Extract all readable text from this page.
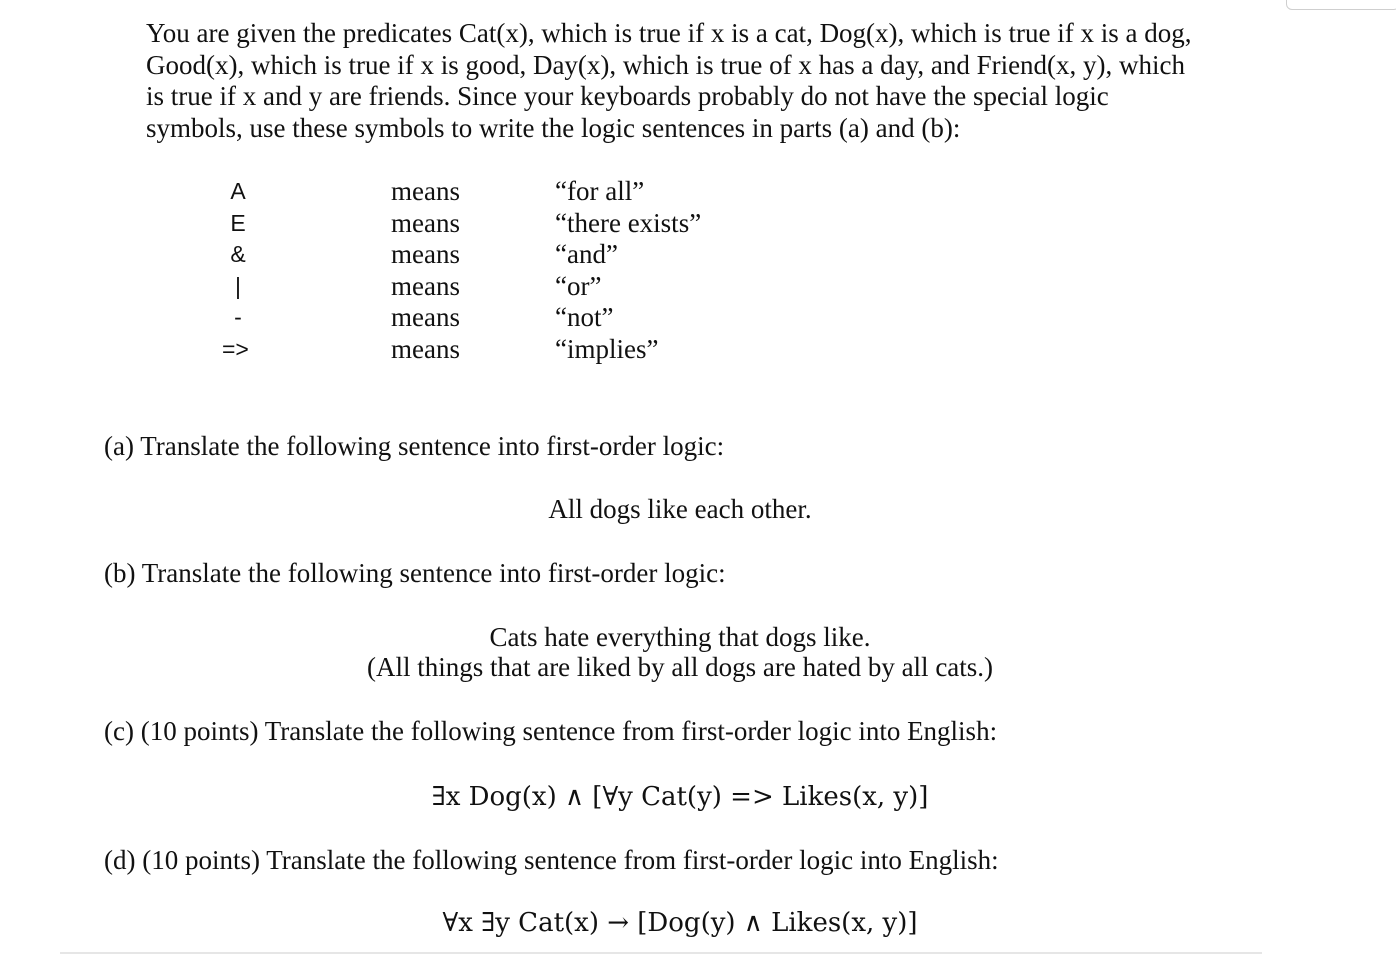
You are given the predicates Cat(x), which is true if x is a cat, Dog(x), which is true if x is a dog,

Good(x), which is true if x is good, Day(x), which is true of x has a day, and Friend(x, y), which

is true if x and y are friends. Since your keyboards probably do not have the special logic

symbols, use these symbols to write the logic sentences in parts (a) and (b):

A	means	“for all”
E	means	“there exists”
&	means	“and”
|	means	“or”
-	means	“not”
=>	means	“implies”

(a) Translate the following sentence into first-order logic:

All dogs like each other.

(b) Translate the following sentence into first-order logic:

Cats hate everything that dogs like.

(All things that are liked by all dogs are hated by all cats.)

(c) (10 points) Translate the following sentence from first-order logic into English:

∃x Dog(x) ∧ [∀y Cat(y) => Likes(x, y)]

(d) (10 points) Translate the following sentence from first-order logic into English:

∀x ∃y Cat(x) → [Dog(y) ∧ Likes(x, y)]
